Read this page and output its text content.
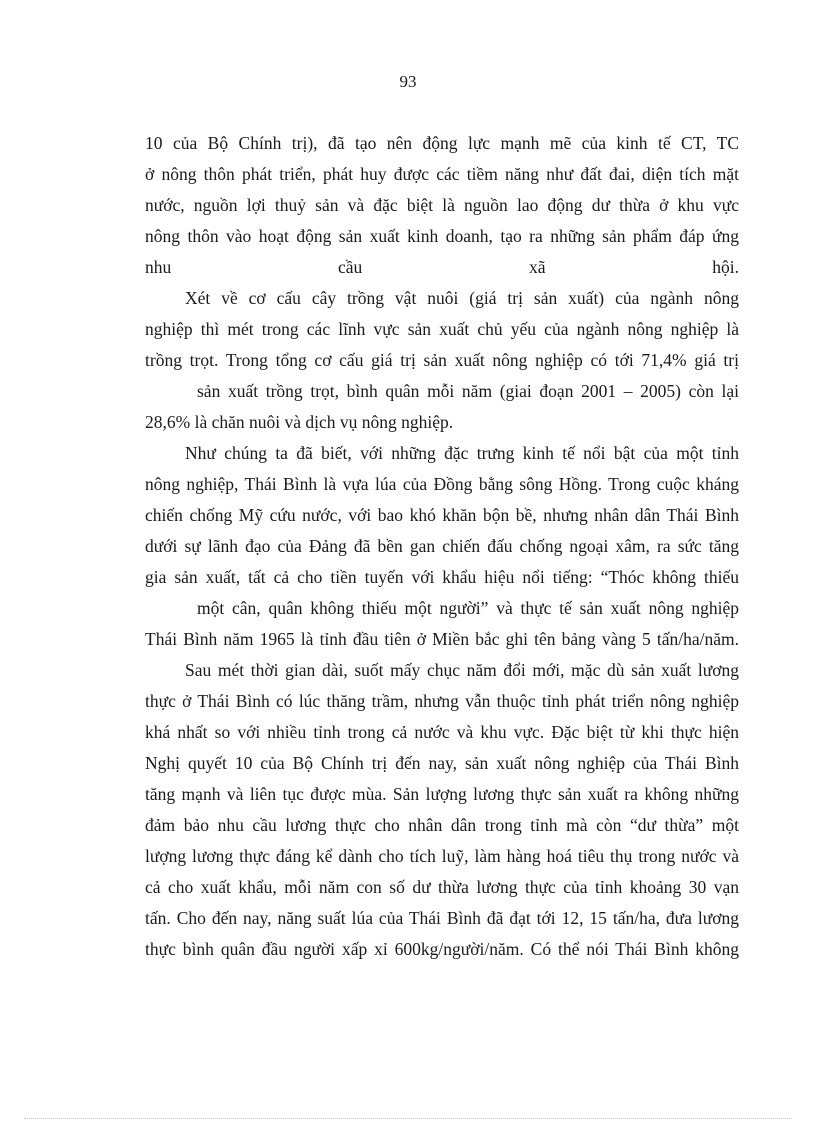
93
10 của Bộ Chính trị), đã tạo nên động lực mạnh mẽ của kinh tế CT, TC
ở nông thôn phát triển, phát huy được các tiềm năng như đất đai, diện tích mặt
nước, nguồn lợi thuỷ sản và đặc biệt là nguồn lao động dư thừa ở khu vực
nông thôn vào hoạt động sản xuất kinh doanh, tạo ra những sản phẩm đáp ứng
nhu cầu xã hội.
Xét về cơ cấu cây trồng vật nuôi (giá trị sản xuất) của ngành nông
nghiệp thì mét trong các lĩnh vực sản xuất chủ yếu của ngành nông nghiệp là
trồng trọt. Trong tổng cơ cấu giá trị sản xuất nông nghiệp có tới 71,4% giá trị
sản xuất trồng trọt, bình quân mỗi năm (giai đoạn 2001 – 2005) còn lại
28,6% là chăn nuôi và dịch vụ nông nghiệp.
Như chúng ta đã biết, với những đặc trưng kinh tế nổi bật của một tỉnh
nông nghiệp, Thái Bình là vựa lúa của Đồng bằng sông Hồng. Trong cuộc kháng
chiến chống Mỹ cứu nước, với bao khó khăn bộn bề, nhưng nhân dân Thái Bình
dưới sự lãnh đạo của Đảng đã bền gan chiến đấu chống ngoại xâm, ra sức tăng
gia sản xuất, tất cả cho tiền tuyến với khẩu hiệu nổi tiếng: “Thóc không thiếu
một cân, quân không thiếu một người” và thực tế sản xuất nông nghiệp
Thái Bình năm 1965 là tỉnh đầu tiên ở Miền bắc ghi tên bảng vàng 5 tấn/ha/năm.
Sau mét thời gian dài, suốt mấy chục năm đổi mới, mặc dù sản xuất lương
thực ở Thái Bình có lúc thăng trầm, nhưng vẫn thuộc tỉnh phát triển nông nghiệp
khá nhất so với nhiều tỉnh trong cả nước và khu vực. Đặc biệt từ khi thực hiện
Nghị quyết 10 của Bộ Chính trị đến nay, sản xuất nông nghiệp của Thái Bình
tăng mạnh và liên tục được mùa. Sản lượng lương thực sản xuất ra không những
đảm bảo nhu cầu lương thực cho nhân dân trong tỉnh mà còn “dư thừa” một
lượng lương thực đáng kể dành cho tích luỹ, làm hàng hoá tiêu thụ trong nước và
cả cho xuất khẩu, mỗi năm con số dư thừa lương thực của tỉnh khoảng 30 vạn
tấn. Cho đến nay, năng suất lúa của Thái Bình đã đạt tới 12, 15 tấn/ha, đưa lương
thực bình quân đầu người xấp xỉ 600kg/người/năm. Có thể nói Thái Bình không
